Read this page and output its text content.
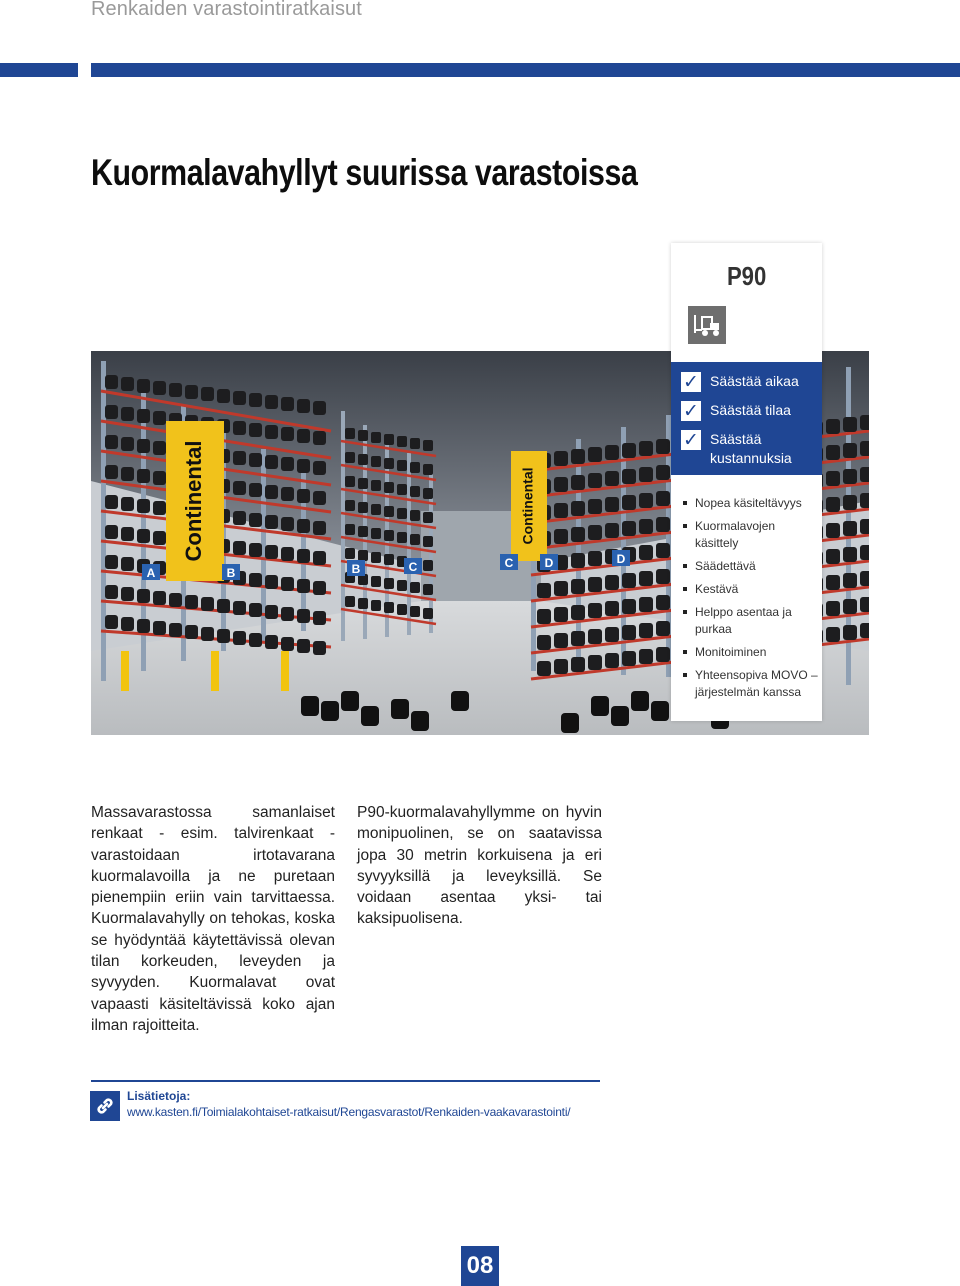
Renkaiden varastointiratkaisut
Kuormalavahyllyt suurissa varastoissa
Continental	Continental
A	B	B	C	C	D	D
P90
✓ Säästää aikaa
✓ Säästää tilaa
✓ Säästää kustannuksia
Nopea käsiteltävyys
Kuormalavojen käsittely
Säädettävä
Kestävä
Helppo asentaa ja purkaa
Monitoiminen
Yhteensopiva MOVO –järjestelmän kanssa

Massavarastossa samanlaiset renkaat - esim. talvirenkaat - varastoidaan irtotavarana kuormalavoilla ja ne puretaan pienempiin eriin vain tarvittaessa. Kuormalavahylly on tehokas, koska se hyödyntää käytettävissä olevan tilan korkeuden, leveyden ja syvyyden. Kuormalavat ovat vapaasti käsiteltävissä koko ajan ilman rajoitteita.

P90-kuormalavahyllymme on hyvin monipuolinen, se on saatavissa jopa 30 metrin korkuisena ja eri syvyyksillä ja leveyksillä. Se voidaan asentaa yksi- tai kaksipuolisena.

Lisätietoja:
www.kasten.fi/Toimialakohtaiset-ratkaisut/Rengasvarastot/Renkaiden-vaakavarastointi/
08
